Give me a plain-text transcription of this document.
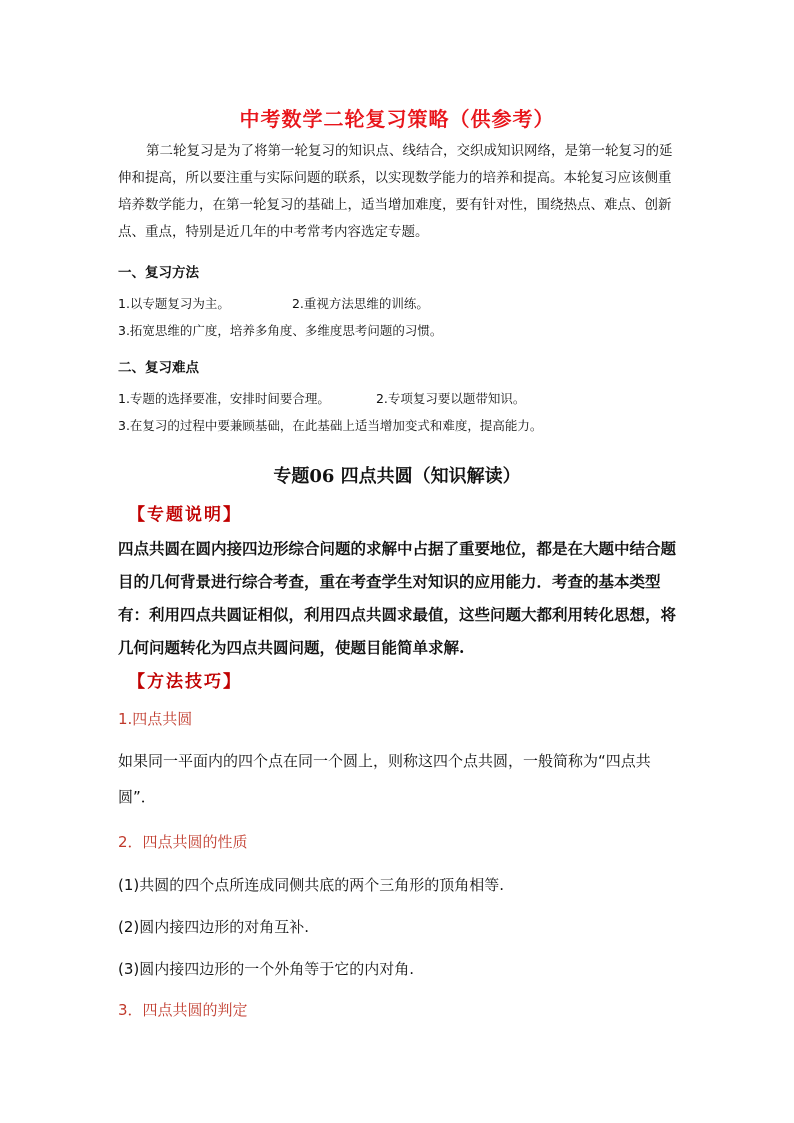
中考数学二轮复习策略（供参考）
第二轮复习是为了将第一轮复习的知识点、线结合，交织成知识网络，是第一轮复习的延伸和提高，所以要注重与实际问题的联系，以实现数学能力的培养和提高。本轮复习应该侧重培养数学能力，在第一轮复习的基础上，适当增加难度，要有针对性，围绕热点、难点、创新点、重点，特别是近几年的中考常考内容选定专题。
一、复习方法
1.以专题复习为主。	2.重视方法思维的训练。
3.拓宽思维的广度，培养多角度、多维度思考问题的习惯。
二、复习难点
1.专题的选择要准，安排时间要合理。	2.专项复习要以题带知识。
3.在复习的过程中要兼顾基础，在此基础上适当增加变式和难度，提高能力。
专题06 四点共圆（知识解读）
【专题说明】
四点共圆在圆内接四边形综合问题的求解中占据了重要地位，都是在大题中结合题目的几何背景进行综合考查，重在考查学生对知识的应用能力．考查的基本类型有：利用四点共圆证相似，利用四点共圆求最值，这些问题大都利用转化思想，将几何问题转化为四点共圆问题，使题目能简单求解.
【方法技巧】
1.四点共圆
如果同一平面内的四个点在同一个圆上，则称这四个点共圆，一般简称为“四点共圆”．
2．四点共圆的性质
(1)共圆的四个点所连成同侧共底的两个三角形的顶角相等.
(2)圆内接四边形的对角互补.
(3)圆内接四边形的一个外角等于它的内对角.
3．四点共圆的判定
